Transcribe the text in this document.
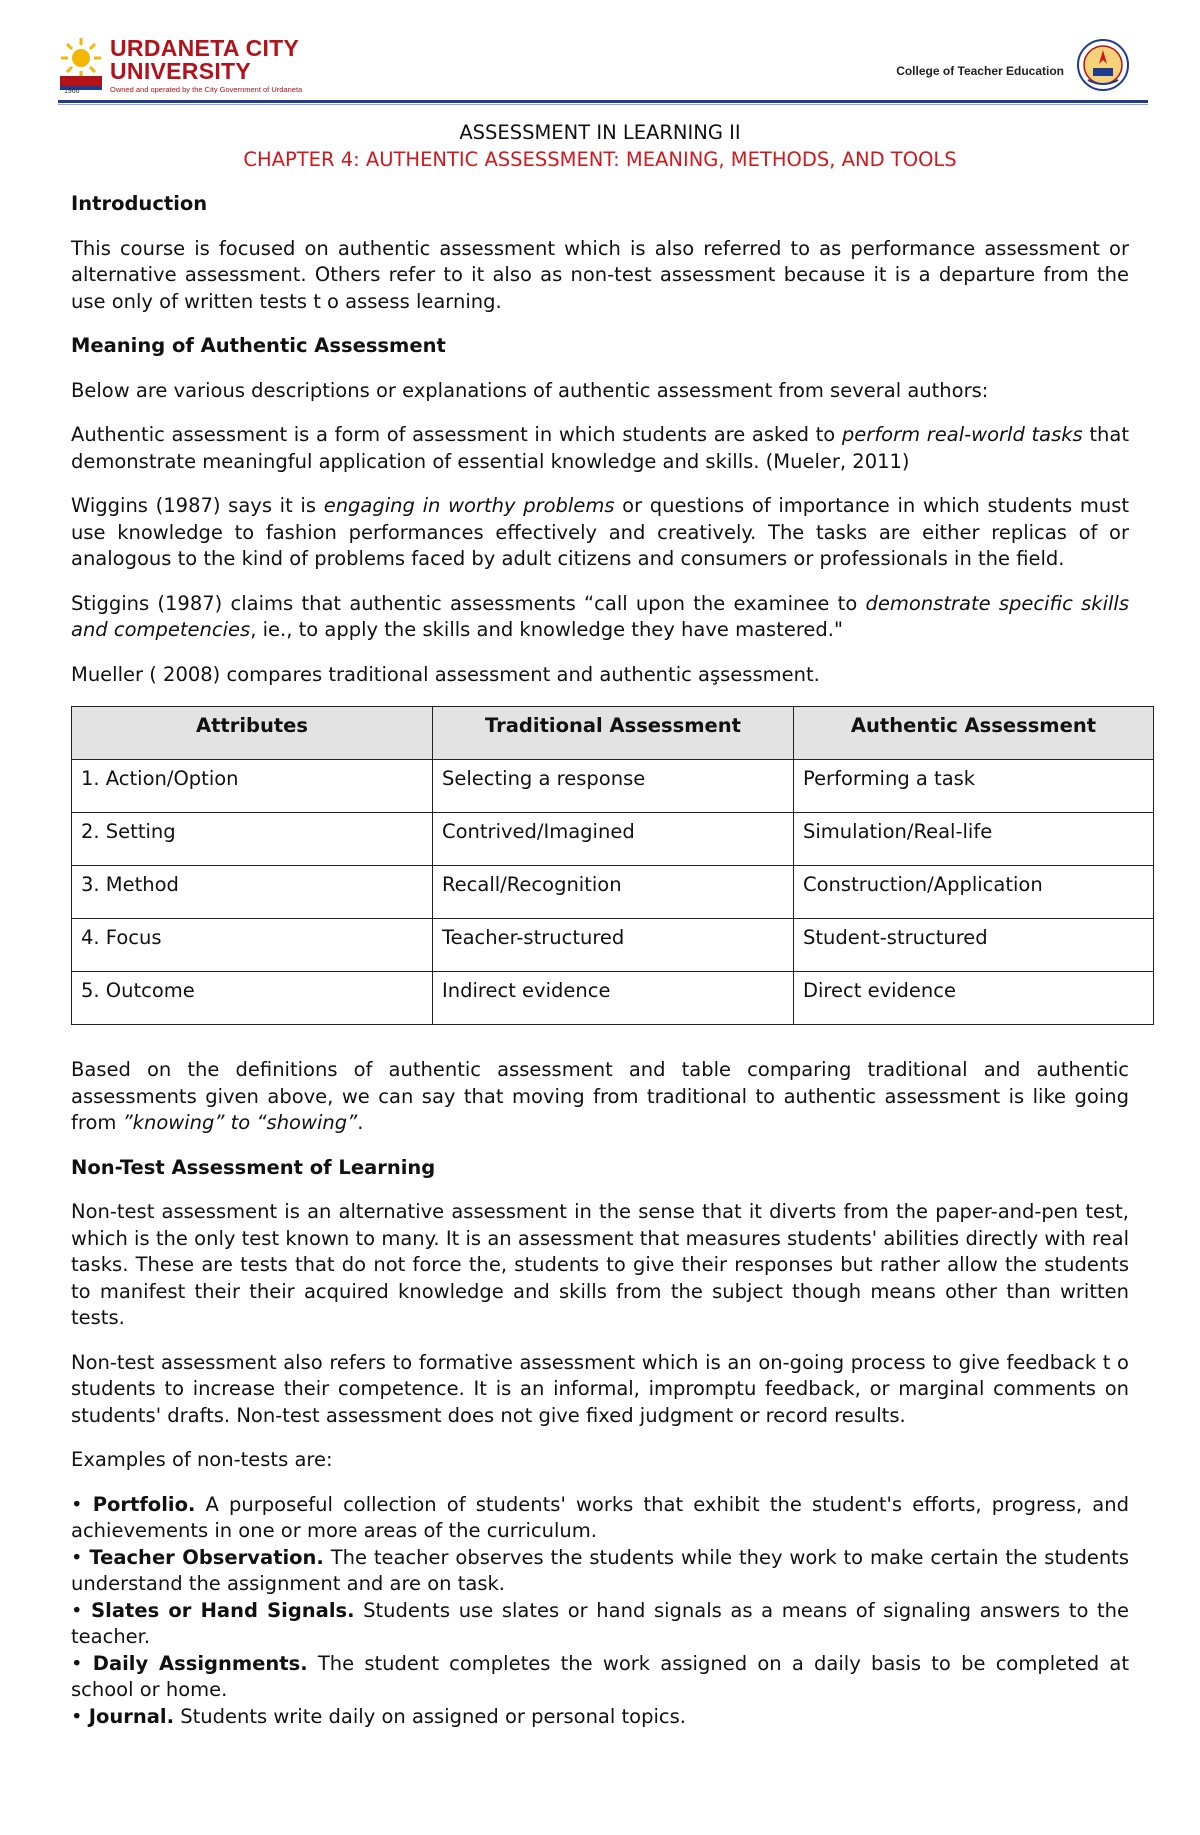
URDANETA CITY
UNIVERSITY
Owned and operated by the City Government of Urdaneta
1966
College of Teacher Education
ASSESSMENT IN LEARNING II
CHAPTER 4: AUTHENTIC ASSESSMENT: MEANING, METHODS, AND TOOLS
Introduction

This course is focused on authentic assessment which is also referred to as performance assessment or alternative assessment. Others refer to it also as non-test assessment because it is a departure from the use only of written tests t o assess learning.

Meaning of Authentic Assessment

Below are various descriptions or explanations of authentic assessment from several authors:

Authentic assessment is a form of assessment in which students are asked to perform real-world tasks that demonstrate meaningful application of essential knowledge and skills. (Mueler, 2011)

Wiggins (1987) says it is engaging in worthy problems or questions of importance in which students must use knowledge to fashion performances effectively and creatively. The tasks are either replicas of or analogous to the kind of problems faced by adult citizens and consumers or professionals in the field.

Stiggins (1987) claims that authentic assessments “call upon the examinee to demonstrate specific skills and competencies, ie., to apply the skills and knowledge they have mastered."

Mueller ( 2008) compares traditional assessment and authentic aşsessment.

Attributes	Traditional Assessment	Authentic Assessment
1. Action/Option	Selecting a response	Performing a task
2. Setting	Contrived/Imagined	Simulation/Real-life
3. Method	Recall/Recognition	Construction/Application
4. Focus	Teacher-structured	Student-structured
5. Outcome	Indirect evidence	Direct evidence

Based on the definitions of authentic assessment and table comparing traditional and authentic assessments given above, we can say that moving from traditional to authentic assessment is like going from ”knowing” to “showing”.

Non-Test Assessment of Learning

Non-test assessment is an alternative assessment in the sense that it diverts from the paper-and-pen test, which is the only test known to many. It is an assessment that measures students' abilities directly with real tasks. These are tests that do not force the, students to give their responses but rather allow the students to manifest their their acquired knowledge and skills from the subject though means other than written tests.

Non-test assessment also refers to formative assessment which is an on-going process to give feedback t o students to increase their competence. It is an informal, impromptu feedback, or marginal comments on students' drafts. Non-test assessment does not give fixed judgment or record results.

Examples of non-tests are:

• Portfolio. A purposeful collection of students' works that exhibit the student's efforts, progress, and achievements in one or more areas of the curriculum.
• Teacher Observation. The teacher observes the students while they work to make certain the students understand the assignment and are on task.
• Slates or Hand Signals. Students use slates or hand signals as a means of signaling answers to the teacher.
• Daily Assignments. The student completes the work assigned on a daily basis to be completed at school or home.
• Journal. Students write daily on assigned or personal topics.
